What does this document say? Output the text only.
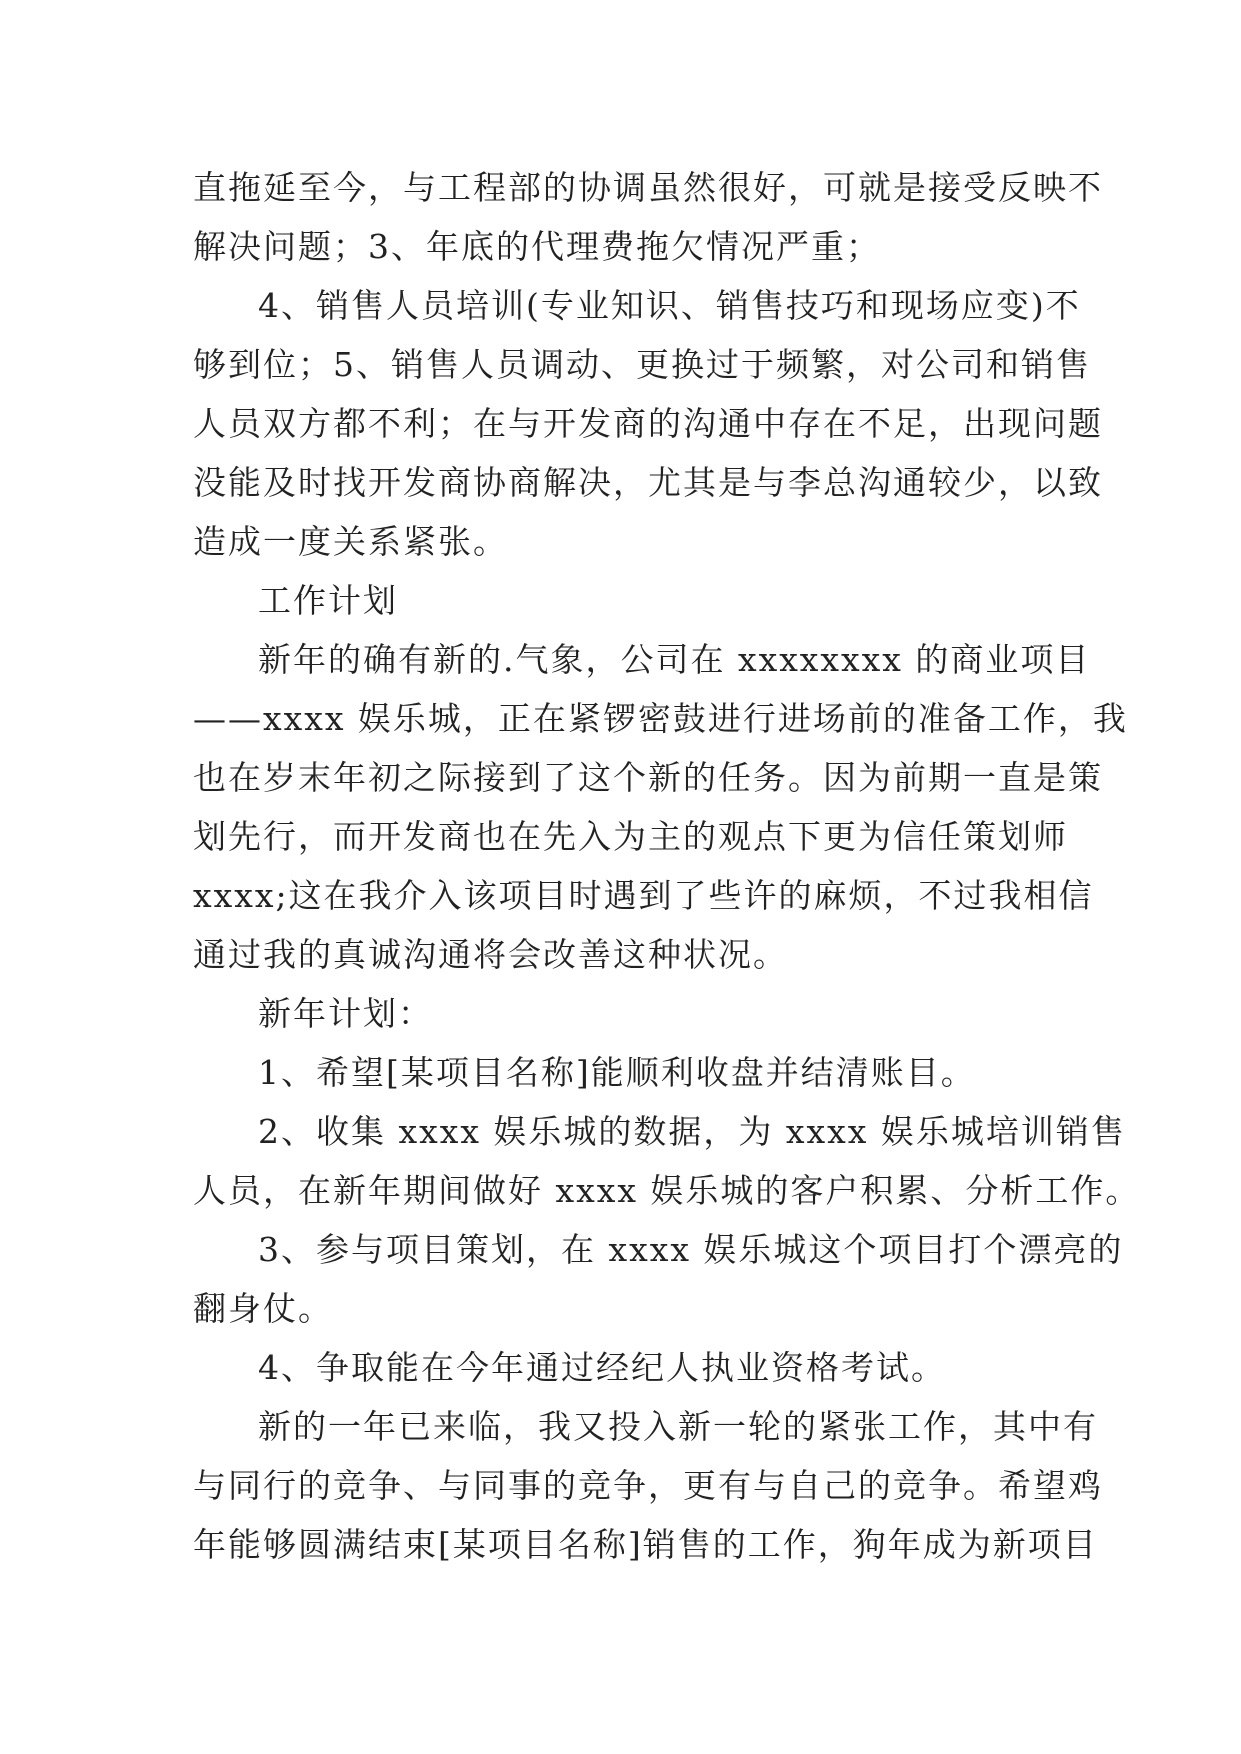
直拖延至今，与工程部的协调虽然很好，可就是接受反映不
解决问题；3、年底的代理费拖欠情况严重；
4、销售人员培训(专业知识、销售技巧和现场应变)不
够到位；5、销售人员调动、更换过于频繁，对公司和销售
人员双方都不利；在与开发商的沟通中存在不足，出现问题
没能及时找开发商协商解决，尤其是与李总沟通较少，以致
造成一度关系紧张。
工作计划
新年的确有新的.气象，公司在 xxxxxxxx 的商业项目
——xxxx 娱乐城，正在紧锣密鼓进行进场前的准备工作，我
也在岁末年初之际接到了这个新的任务。因为前期一直是策
划先行，而开发商也在先入为主的观点下更为信任策划师
xxxx;这在我介入该项目时遇到了些许的麻烦，不过我相信
通过我的真诚沟通将会改善这种状况。
新年计划：
1、希望[某项目名称]能顺利收盘并结清账目。
2、收集 xxxx 娱乐城的数据，为 xxxx 娱乐城培训销售
人员，在新年期间做好 xxxx 娱乐城的客户积累、分析工作。
3、参与项目策划，在 xxxx 娱乐城这个项目打个漂亮的
翻身仗。
4、争取能在今年通过经纪人执业资格考试。
新的一年已来临，我又投入新一轮的紧张工作，其中有
与同行的竞争、与同事的竞争，更有与自己的竞争。希望鸡
年能够圆满结束[某项目名称]销售的工作，狗年成为新项目
